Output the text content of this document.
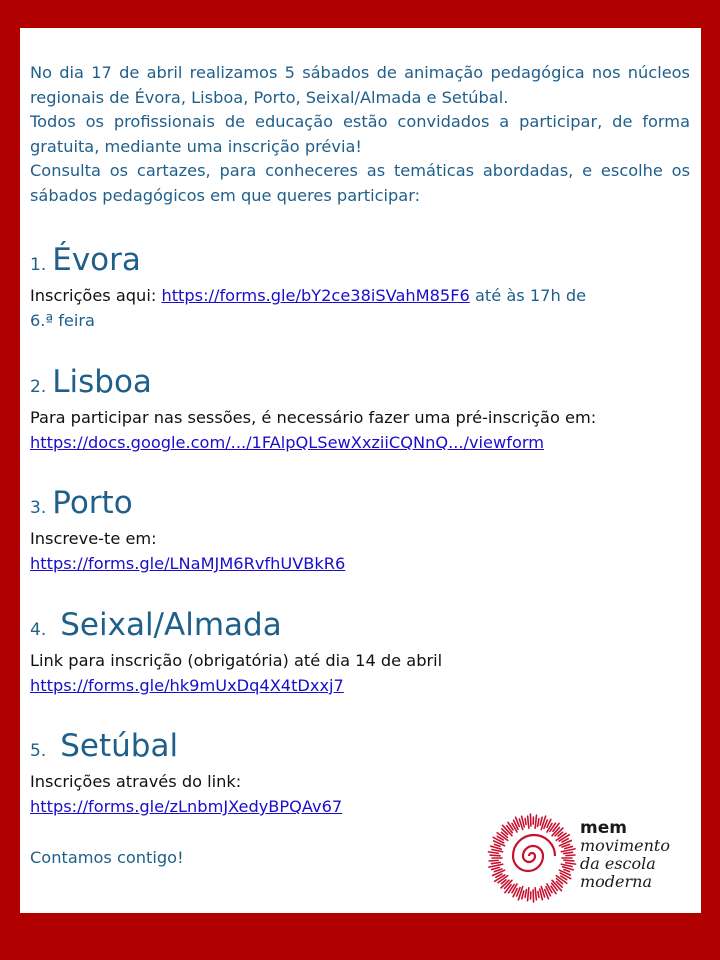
No dia 17 de abril realizamos 5 sábados de animação pedagógica nos núcleos regionais de Évora, Lisboa, Porto, Seixal/Almada e Setúbal.

Todos os profissionais de educação estão convidados a participar, de forma gratuita, mediante uma inscrição prévia!

Consulta os cartazes, para conheceres as temáticas abordadas, e escolhe os sábados pedagógicos em que queres participar:

1. Évora

Inscrições aqui: https://forms.gle/bY2ce38iSVahM85F6 até às 17h de

6.ª feira

2. Lisboa

Para participar nas sessões, é necessário fazer uma pré-inscrição em:

https://docs.google.com/.../1FAlpQLSewXxziiCQNnQ.../viewform

3. Porto

Inscreve-te em:

https://forms.gle/LNaMJM6RvfhUVBkR6

4. Seixal/Almada

Link para inscrição (obrigatória) até dia 14 de abril

https://forms.gle/hk9mUxDq4X4tDxxj7

5. Setúbal

Inscrições através do link:

https://forms.gle/zLnbmJXedyBPQAv67

Contamos contigo!

mem
movimento
da escola
moderna
